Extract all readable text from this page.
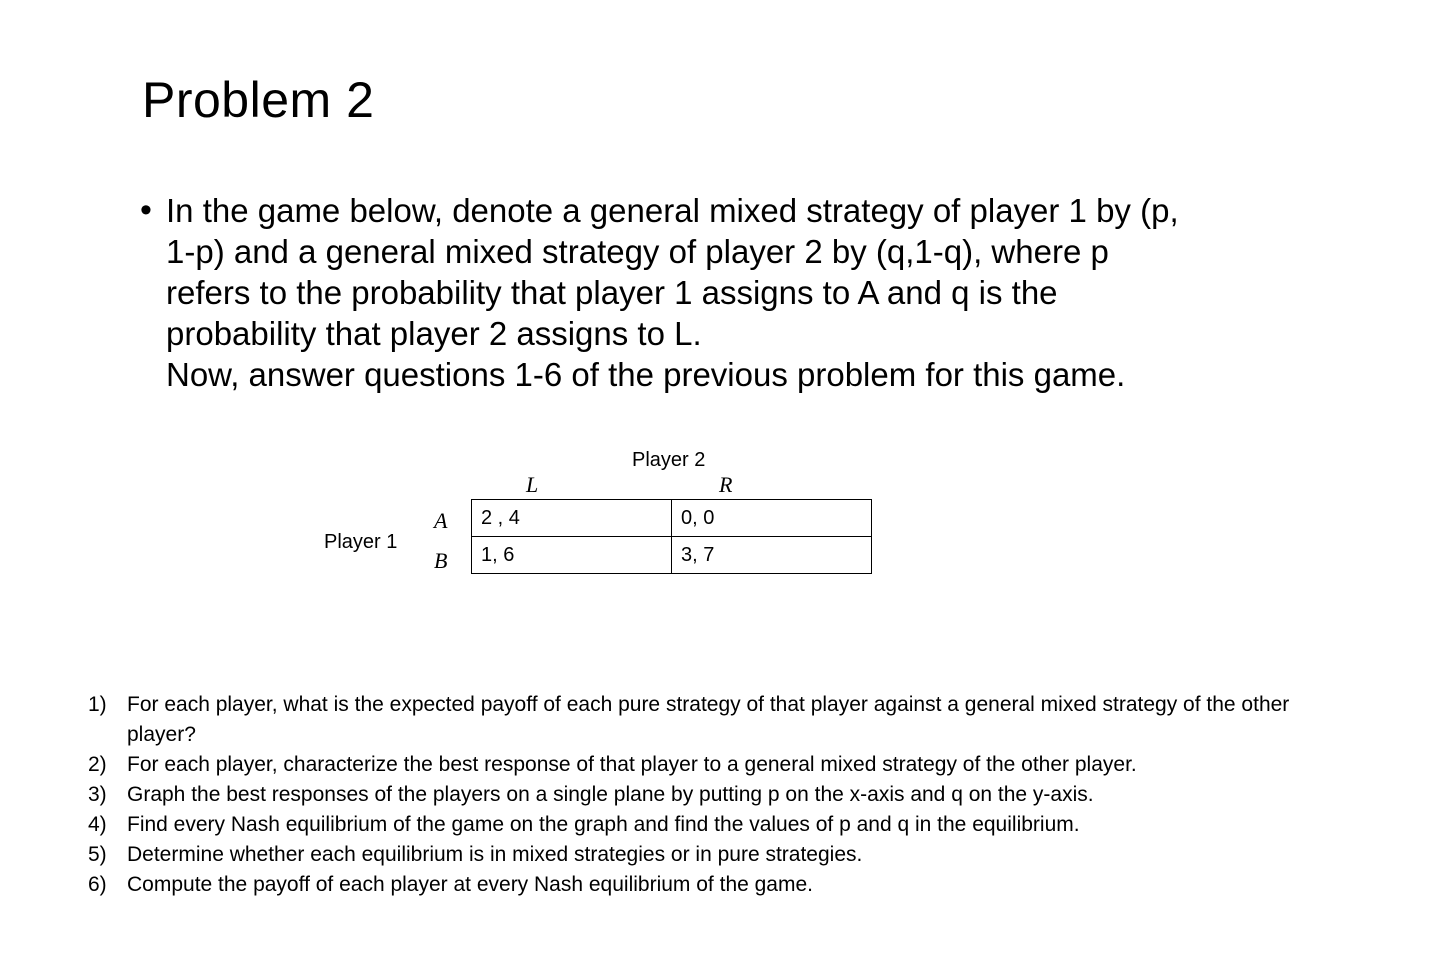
Problem 2
• In the game below, denote a general mixed strategy of player 1 by (p,
1-p) and a general mixed strategy of player 2 by (q,1-q), where p
refers to the probability that player 1 assigns to A and q is the
probability that player 2 assigns to L.
Now, answer questions 1-6 of the previous problem for this game.
Player 2
L	R
Player 1
A
B
2 , 4	0, 0
1, 6	3, 7
1) For each player, what is the expected payoff of each pure strategy of that player against a general mixed strategy of the other player?
2) For each player, characterize the best response of that player to a general mixed strategy of the other player.
3) Graph the best responses of the players on a single plane by putting p on the x-axis and q on the y-axis.
4) Find every Nash equilibrium of the game on the graph and find the values of p and q in the equilibrium.
5) Determine whether each equilibrium is in mixed strategies or in pure strategies.
6) Compute the payoff of each player at every Nash equilibrium of the game.
